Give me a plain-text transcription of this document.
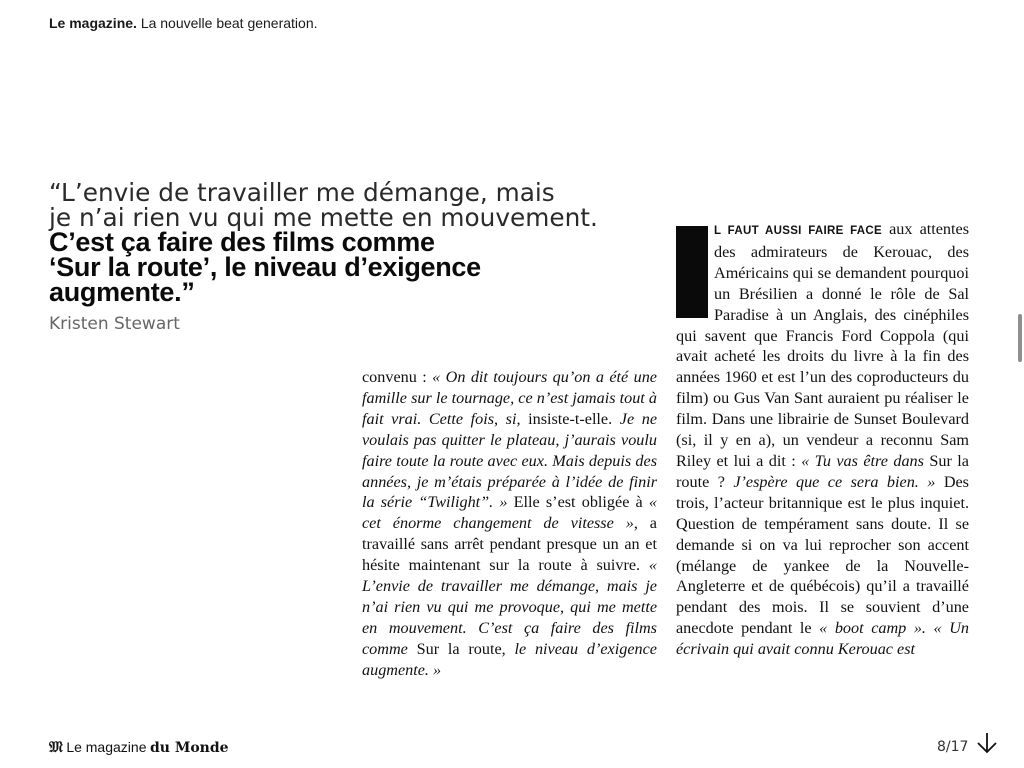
Le magazine. La nouvelle beat generation.
“L’envie de travailler me démange, mais
je n’ai rien vu qui me mette en mouvement.
C’est ça faire des films comme
‘Sur la route’, le niveau d’exigence
augmente.”
Kristen Stewart
convenu : « On dit toujours qu’on a été une famille sur le tournage, ce n’est jamais tout à fait vrai. Cette fois, si, insiste-t-elle. Je ne voulais pas quitter le plateau, j’aurais voulu faire toute la route avec eux. Mais depuis des années, je m’étais préparée à l’idée de finir la série “Twilight”. » Elle s’est obligée à « cet énorme changement de vitesse », a travaillé sans arrêt pendant presque un an et hésite maintenant sur la route à suivre. « L’envie de travailler me démange, mais je n’ai rien vu qui me provoque, qui me mette en mouvement. C’est ça faire des films comme Sur la route, le niveau d’exigence augmente. »
L FAUT AUSSI FAIRE FACE aux attentes des admirateurs de Kerouac, des Américains qui se demandent pourquoi un Brésilien a donné le rôle de Sal Paradise à un Anglais, des cinéphiles qui savent que Francis Ford Coppola (qui avait acheté les droits du livre à la fin des années 1960 et est l’un des coproducteurs du film) ou Gus Van Sant auraient pu réaliser le film. Dans une librairie de Sunset Boulevard (si, il y en a), un vendeur a reconnu Sam Riley et lui a dit : « Tu vas être dans Sur la route ? J’espère que ce sera bien. » Des trois, l’acteur britannique est le plus inquiet. Question de tempérament sans doute. Il se demande si on va lui reprocher son accent (mélange de yankee de la Nouvelle-Angleterre et de québécois) qu’il a travaillé pendant des mois. Il se souvient d’une anecdote pendant le « boot camp ». « Un écrivain qui avait connu Kerouac est
𝔐 Le magazine du Monde	8/17
